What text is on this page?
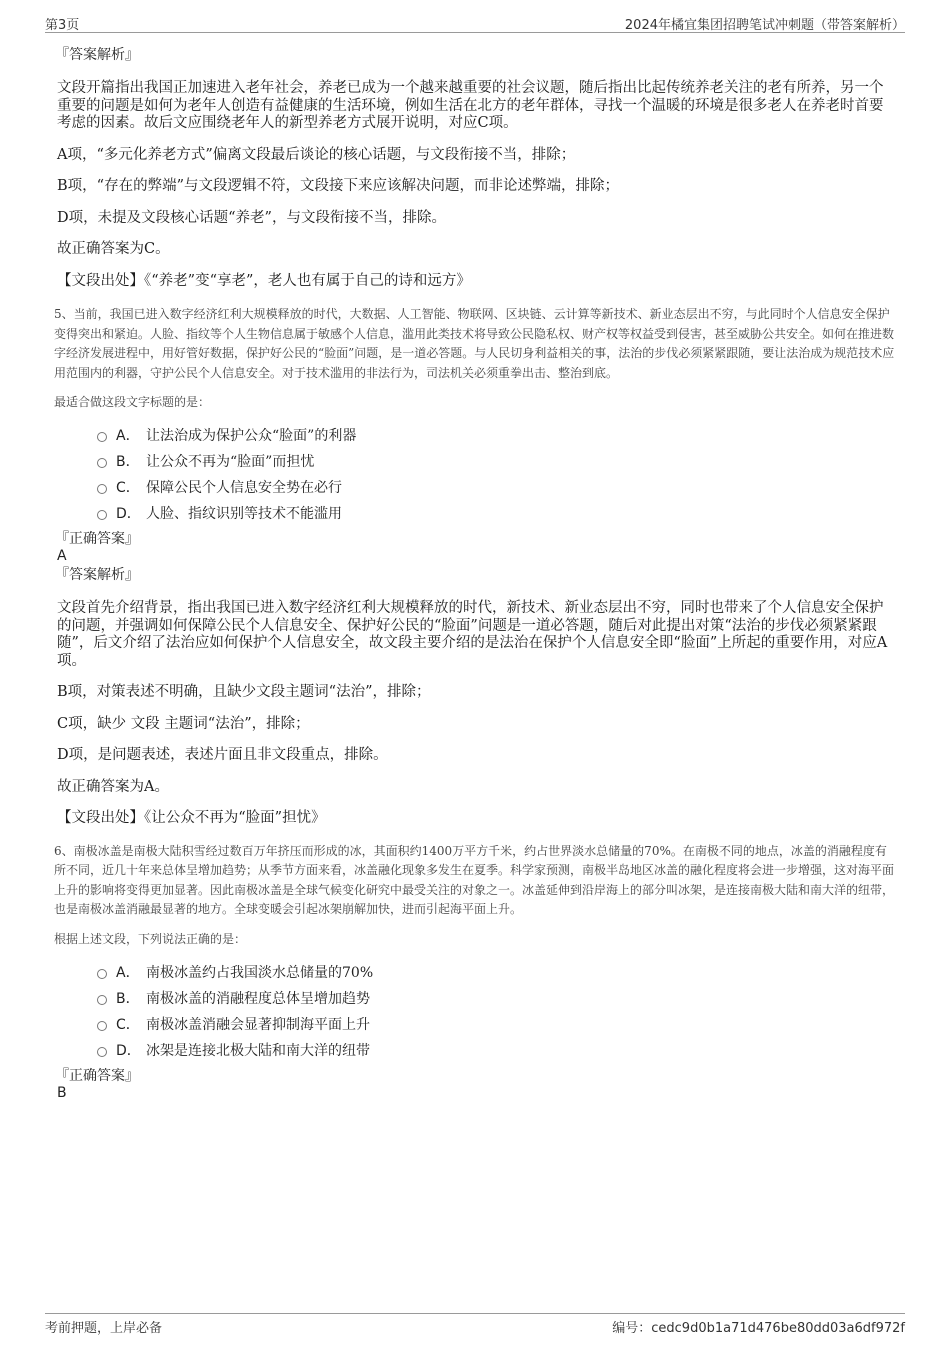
第3页	2024年橘宜集团招聘笔试冲刺题（带答案解析）
『答案解析』
文段开篇指出我国正加速进入老年社会，养老已成为一个越来越重要的社会议题，随后指出比起传统养老关注的老有所养，另一个重要的问题是如何为老年人创造有益健康的生活环境，例如生活在北方的老年群体，寻找一个温暖的环境是很多老人在养老时首要考虑的因素。故后文应围绕老年人的新型养老方式展开说明，对应C项。
A项，“多元化养老方式”偏离文段最后谈论的核心话题，与文段衔接不当，排除；
B项，“存在的弊端”与文段逻辑不符，文段接下来应该解决问题，而非论述弊端，排除；
D项，未提及文段核心话题“养老”，与文段衔接不当，排除。
故正确答案为C。
【文段出处】《“养老”变“享老”，老人也有属于自己的诗和远方》
5、当前，我国已进入数字经济红利大规模释放的时代，大数据、人工智能、物联网、区块链、云计算等新技术、新业态层出不穷，与此同时个人信息安全保护变得突出和紧迫。人脸、指纹等个人生物信息属于敏感个人信息，滥用此类技术将导致公民隐私权、财产权等权益受到侵害，甚至威胁公共安全。如何在推进数字经济发展进程中，用好管好数据，保护好公民的“脸面”问题，是一道必答题。与人民切身利益相关的事，法治的步伐必须紧紧跟随，要让法治成为规范技术应用范围内的利器，守护公民个人信息安全。对于技术滥用的非法行为，司法机关必须重拳出击、整治到底。
最适合做这段文字标题的是：
A． 让法治成为保护公众“脸面”的利器
B． 让公众不再为“脸面”而担忧
C． 保障公民个人信息安全势在必行
D． 人脸、指纹识别等技术不能滥用
『正确答案』
A
『答案解析』
文段首先介绍背景，指出我国已进入数字经济红利大规模释放的时代，新技术、新业态层出不穷，同时也带来了个人信息安全保护的问题，并强调如何保障公民个人信息安全、保护好公民的“脸面”问题是一道必答题，随后对此提出对策“法治的步伐必须紧紧跟随”，后文介绍了法治应如何保护个人信息安全，故文段主要介绍的是法治在保护个人信息安全即“脸面”上所起的重要作用，对应A项。
B项，对策表述不明确，且缺少文段主题词“法治”，排除；
C项，缺少 文段 主题词“法治”，排除；
D项，是问题表述，表述片面且非文段重点，排除。
故正确答案为A。
【文段出处】《让公众不再为“脸面”担忧》
6、南极冰盖是南极大陆积雪经过数百万年挤压而形成的冰，其面积约1400万平方千米，约占世界淡水总储量的70%。在南极不同的地点，冰盖的消融程度有所不同，近几十年来总体呈增加趋势；从季节方面来看，冰盖融化现象多发生在夏季。科学家预测，南极半岛地区冰盖的融化程度将会进一步增强，这对海平面上升的影响将变得更加显著。因此南极冰盖是全球气候变化研究中最受关注的对象之一。冰盖延伸到沿岸海上的部分叫冰架，是连接南极大陆和南大洋的纽带，也是南极冰盖消融最显著的地方。全球变暖会引起冰架崩解加快，进而引起海平面上升。
根据上述文段，下列说法正确的是：
A． 南极冰盖约占我国淡水总储量的70%
B． 南极冰盖的消融程度总体呈增加趋势
C． 南极冰盖消融会显著抑制海平面上升
D． 冰架是连接北极大陆和南大洋的纽带
『正确答案』
B
考前押题，上岸必备	编号：cedc9d0b1a71d476be80dd03a6df972f
